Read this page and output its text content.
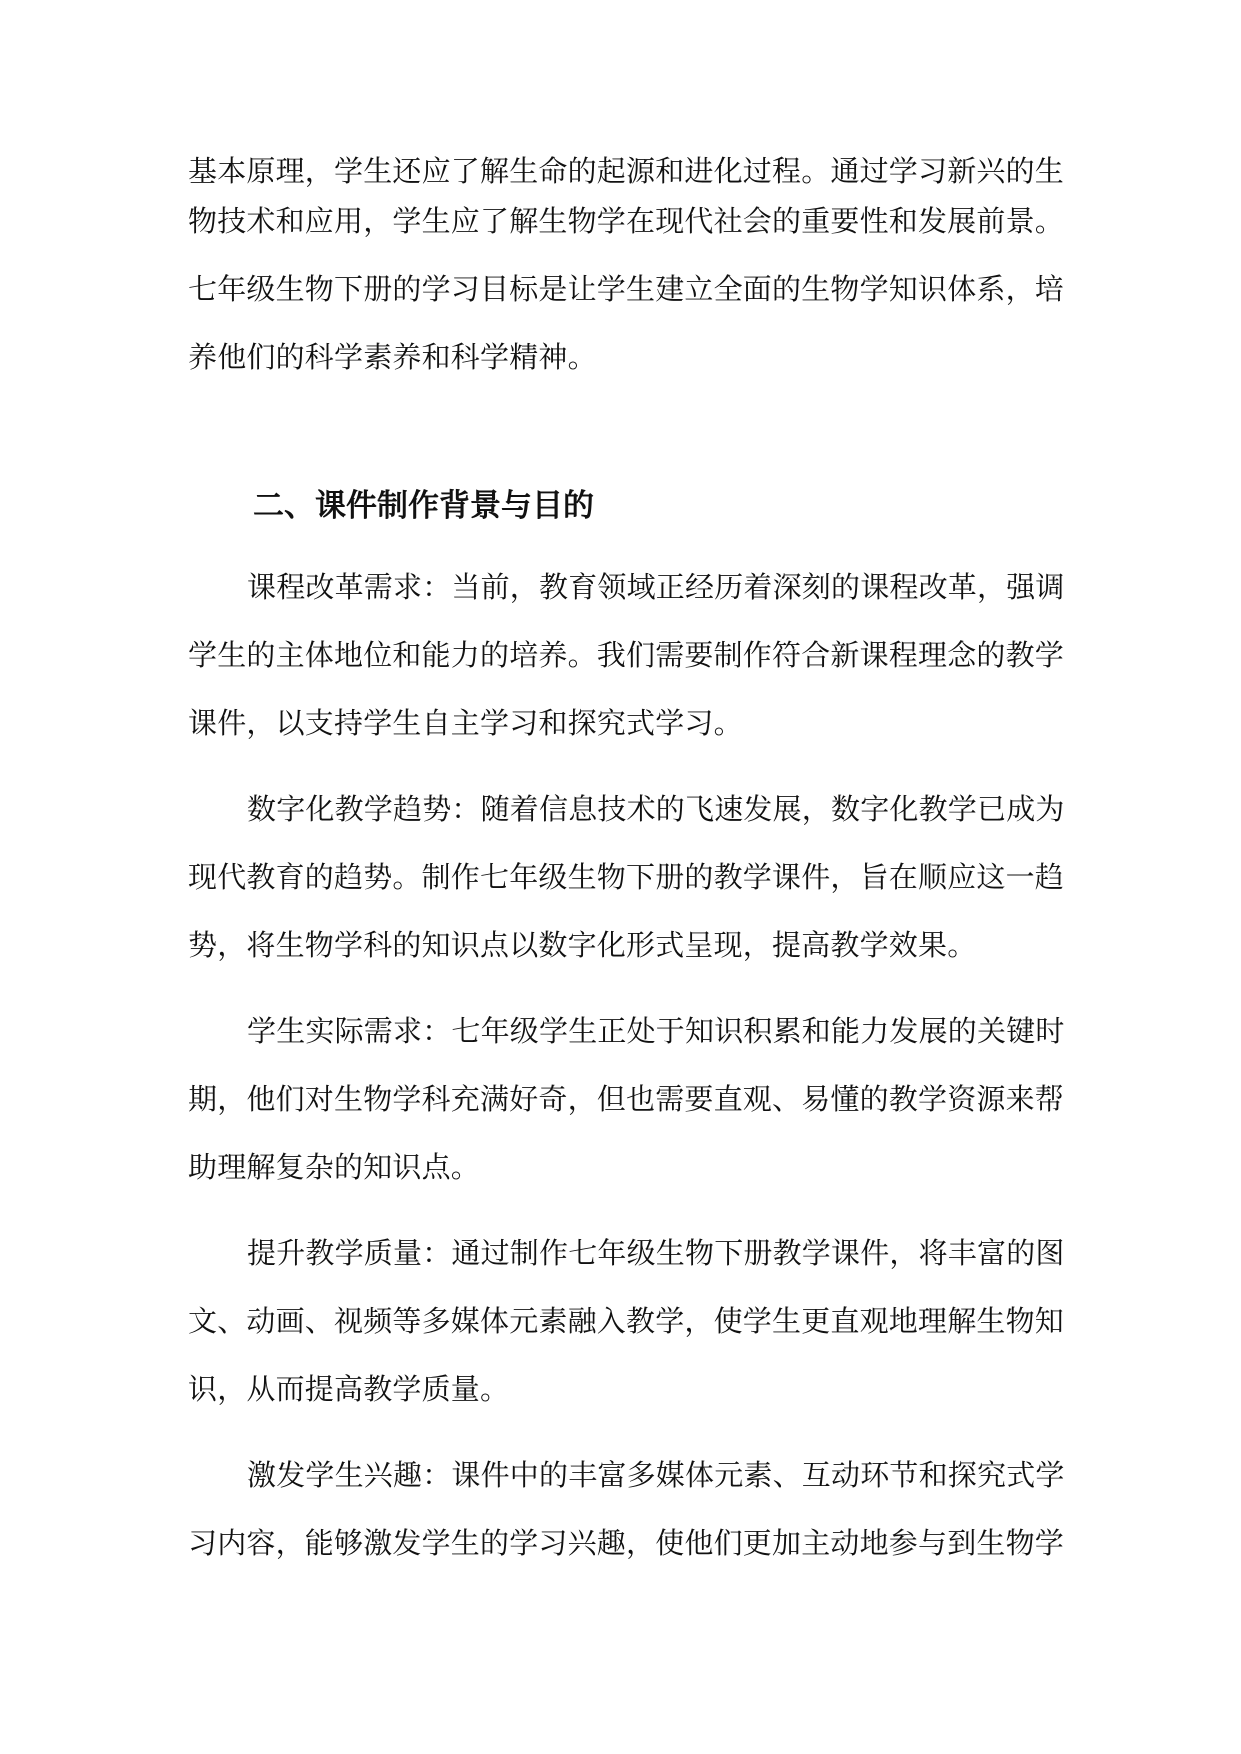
基本原理，学生还应了解生命的起源和进化过程。通过学习新兴的生
物技术和应用，学生应了解生物学在现代社会的重要性和发展前景。
七年级生物下册的学习目标是让学生建立全面的生物学知识体系，培
养他们的科学素养和科学精神。
二、课件制作背景与目的
课程改革需求：当前，教育领域正经历着深刻的课程改革，强调
学生的主体地位和能力的培养。我们需要制作符合新课程理念的教学
课件，以支持学生自主学习和探究式学习。
数字化教学趋势：随着信息技术的飞速发展，数字化教学已成为
现代教育的趋势。制作七年级生物下册的教学课件，旨在顺应这一趋
势，将生物学科的知识点以数字化形式呈现，提高教学效果。
学生实际需求：七年级学生正处于知识积累和能力发展的关键时
期，他们对生物学科充满好奇，但也需要直观、易懂的教学资源来帮
助理解复杂的知识点。
提升教学质量：通过制作七年级生物下册教学课件，将丰富的图
文、动画、视频等多媒体元素融入教学，使学生更直观地理解生物知
识，从而提高教学质量。
激发学生兴趣：课件中的丰富多媒体元素、互动环节和探究式学
习内容，能够激发学生的学习兴趣，使他们更加主动地参与到生物学
